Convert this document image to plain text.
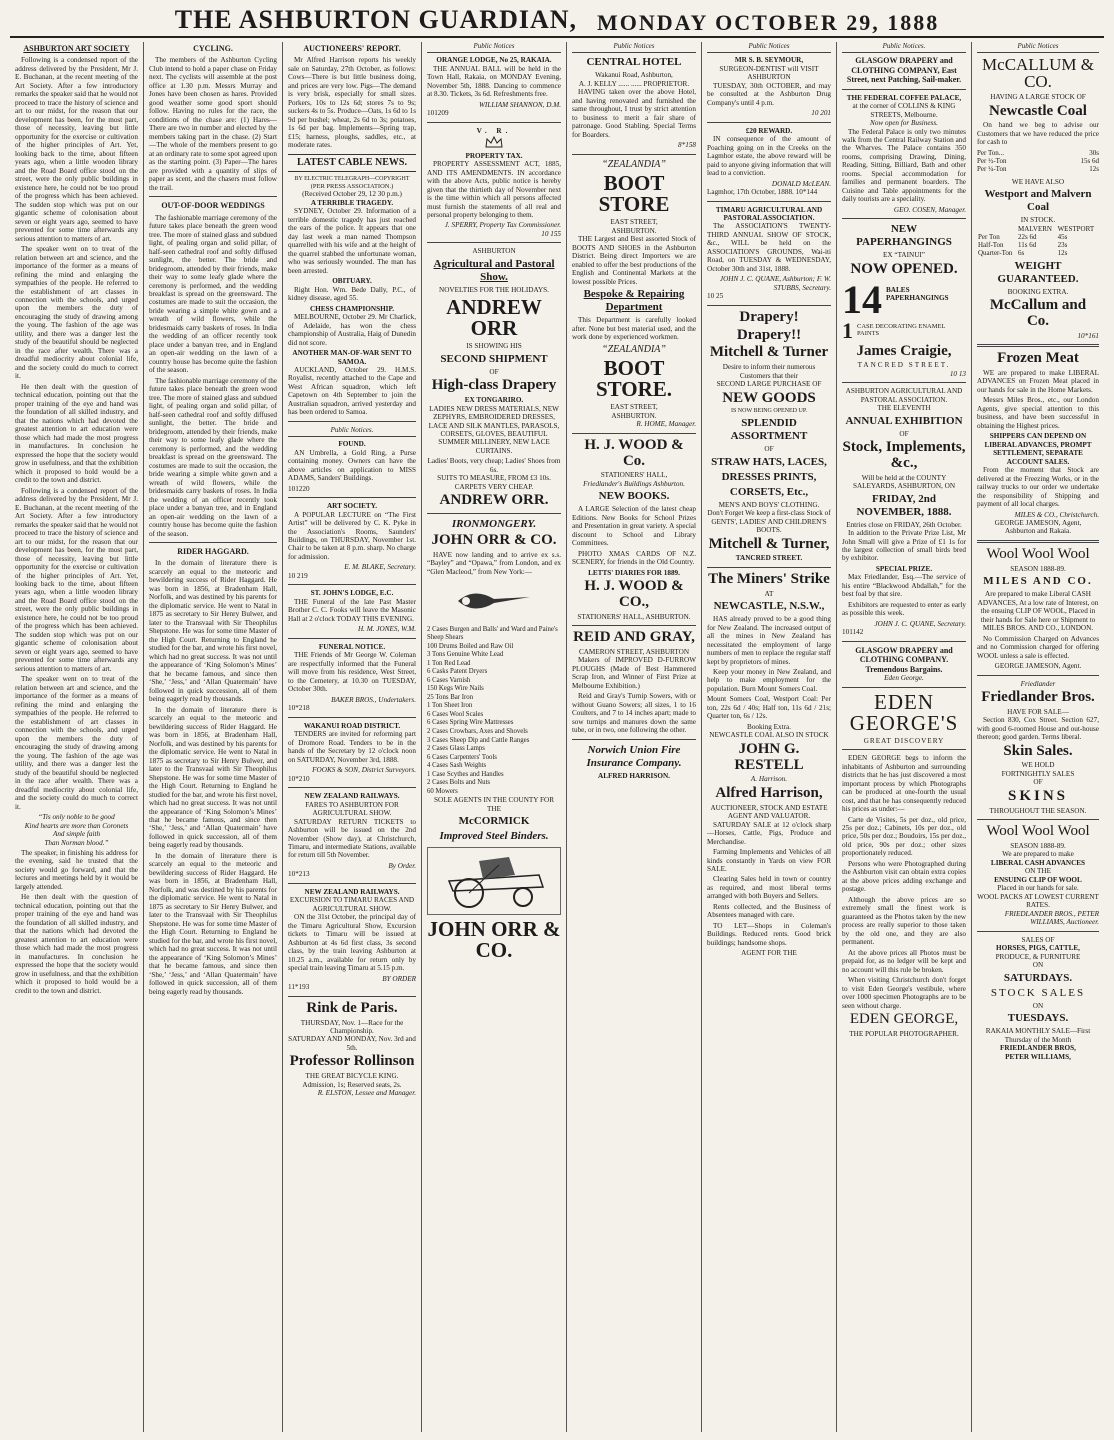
THE ASHBURTON GUARDIAN, MONDAY OCTOBER 29, 1888
ASHBURTON ART SOCIETY

Following is a condensed report of the address delivered by the President, Mr J. E. Buchanan, at the recent meeting of the Art Society. After a few introductory remarks the speaker said that he would not proceed to trace the history of science and art to our midst, for the reason that our development has been, for the most part, those of necessity, leaving but little opportunity for the exercise or cultivation of the higher principles of Art. Yet, looking back to the time, about fifteen years ago, when a little wooden library and the Road Board office stood on the street, were the only public buildings in existence here, he could not be too proud of the progress which has been achieved. The sudden stop which was put on our gigantic scheme of colonisation about seven or eight years ago, seemed to have prevented for some time afterwards any serious attention to matters of art.

The speaker went on to treat of the relation between art and science, and the importance of the former as a means of refining the mind and enlarging the sympathies of the people. He referred to the establishment of art classes in connection with the schools, and urged upon the members the duty of encouraging the study of drawing among the young. The fashion of the age was utility, and there was a danger lest the study of the beautiful should be neglected in the race after wealth. There was a dreadful mediocrity about colonial life, and the society could do much to correct it.

He then dealt with the question of technical education, pointing out that the proper training of the eye and hand was the foundation of all skilled industry, and that the nations which had devoted the greatest attention to art education were those which had made the most progress in manufactures. In conclusion he expressed the hope that the society would grow in usefulness, and that the exhibition which it proposed to hold would be a credit to the town and district.

Following is a condensed report of the address delivered by the President, Mr J. E. Buchanan, at the recent meeting of the Art Society. After a few introductory remarks the speaker said that he would not proceed to trace the history of science and art to our midst, for the reason that our development has been, for the most part, those of necessity, leaving but little opportunity for the exercise or cultivation of the higher principles of Art. Yet, looking back to the time, about fifteen years ago, when a little wooden library and the Road Board office stood on the street, were the only public buildings in existence here, he could not be too proud of the progress which has been achieved. The sudden stop which was put on our gigantic scheme of colonisation about seven or eight years ago, seemed to have prevented for some time afterwards any serious attention to matters of art.

The speaker went on to treat of the relation between art and science, and the importance of the former as a means of refining the mind and enlarging the sympathies of the people. He referred to the establishment of art classes in connection with the schools, and urged upon the members the duty of encouraging the study of drawing among the young. The fashion of the age was utility, and there was a danger lest the study of the beautiful should be neglected in the race after wealth. There was a dreadful mediocrity about colonial life, and the society could do much to correct it.

“Tis only noble to be good
Kind hearts are more than Coronets
And simple faith
Than Norman blood.”

The speaker, in finishing his address for the evening, said he trusted that the society would go forward, and that the lectures and meetings held by it would be largely attended.

He then dealt with the question of technical education, pointing out that the proper training of the eye and hand was the foundation of all skilled industry, and that the nations which had devoted the greatest attention to art education were those which had made the most progress in manufactures. In conclusion he expressed the hope that the society would grow in usefulness, and that the exhibition which it proposed to hold would be a credit to the town and district.

CYCLING.

The members of the Ashburton Cycling Club intend to hold a paper chase on Friday next. The cyclists will assemble at the post office at 1.30 p.m. Messrs Murray and Jones have been chosen as hares. Provided good weather some good sport should follow. Having no rules for the race, the conditions of the chase are: (1) Hares—There are two in number and elected by the members taking part in the chase. (2) Start—The whole of the members present to go at an ordinary rate to some spot agreed upon as the starting point. (3) Paper—The hares are provided with a quantity of slips of paper as scent, and the chasers must follow the trail.

OUT-OF-DOOR WEDDINGS

The fashionable marriage ceremony of the future takes place beneath the green wood tree. The more of stained glass and subdued light, of pealing organ and solid pillar, of half-seen cathedral roof and softly diffused sunlight, the better. The bride and bridegroom, attended by their friends, make their way to some leafy glade where the ceremony is performed, and the wedding breakfast is spread on the greensward. The costumes are made to suit the occasion, the bride wearing a simple white gown and a wreath of wild flowers, while the bridesmaids carry baskets of roses. In India the wedding of an officer recently took place under a banyan tree, and in England an open-air wedding on the lawn of a country house has become quite the fashion of the season.

The fashionable marriage ceremony of the future takes place beneath the green wood tree. The more of stained glass and subdued light, of pealing organ and solid pillar, of half-seen cathedral roof and softly diffused sunlight, the better. The bride and bridegroom, attended by their friends, make their way to some leafy glade where the ceremony is performed, and the wedding breakfast is spread on the greensward. The costumes are made to suit the occasion, the bride wearing a simple white gown and a wreath of wild flowers, while the bridesmaids carry baskets of roses. In India the wedding of an officer recently took place under a banyan tree, and in England an open-air wedding on the lawn of a country house has become quite the fashion of the season.

RIDER HAGGARD.

In the domain of literature there is scarcely an equal to the meteoric and bewildering success of Rider Haggard. He was born in 1856, at Bradenham Hall, Norfolk, and was destined by his parents for the diplomatic service. He went to Natal in 1875 as secretary to Sir Henry Bulwer, and later to the Transvaal with Sir Theophilus Shepstone. He was for some time Master of the High Court. Returning to England he studied for the bar, and wrote his first novel, which had no great success. It was not until the appearance of ‘King Solomon’s Mines’ that he became famous, and since then ‘She,’ ‘Jess,’ and ‘Allan Quatermain’ have followed in quick succession, all of them being eagerly read by thousands.

In the domain of literature there is scarcely an equal to the meteoric and bewildering success of Rider Haggard. He was born in 1856, at Bradenham Hall, Norfolk, and was destined by his parents for the diplomatic service. He went to Natal in 1875 as secretary to Sir Henry Bulwer, and later to the Transvaal with Sir Theophilus Shepstone. He was for some time Master of the High Court. Returning to England he studied for the bar, and wrote his first novel, which had no great success. It was not until the appearance of ‘King Solomon’s Mines’ that he became famous, and since then ‘She,’ ‘Jess,’ and ‘Allan Quatermain’ have followed in quick succession, all of them being eagerly read by thousands.

In the domain of literature there is scarcely an equal to the meteoric and bewildering success of Rider Haggard. He was born in 1856, at Bradenham Hall, Norfolk, and was destined by his parents for the diplomatic service. He went to Natal in 1875 as secretary to Sir Henry Bulwer, and later to the Transvaal with Sir Theophilus Shepstone. He was for some time Master of the High Court. Returning to England he studied for the bar, and wrote his first novel, which had no great success. It was not until the appearance of ‘King Solomon’s Mines’ that he became famous, and since then ‘She,’ ‘Jess,’ and ‘Allan Quatermain’ have followed in quick succession, all of them being eagerly read by thousands.

AUCTIONEERS' REPORT.

Mr Alfred Harrison reports his weekly sale on Saturday, 27th October, as follows: Cows—There is but little business doing, and prices are very low. Pigs—The demand is very brisk, especially for small sizes. Porkers, 10s to 12s 6d; stores 7s to 9s; suckers 4s to 5s. Produce—Oats, 1s 6d to 1s 9d per bushel; wheat, 2s 6d to 3s; potatoes, 1s 6d per bag. Implements—Spring trap, £15; harness, ploughs, saddles, etc., at moderate rates.

LATEST CABLE NEWS.
BY ELECTRIC TELEGRAPH—COPYRIGHT
(PER PRESS ASSOCIATION.)
(Received October 29, 12 30 p.m.)
A TERRIBLE TRAGEDY.

SYDNEY, October 29. Information of a terrible domestic tragedy has just reached the ears of the police. It appears that one day last week a man named Thompson quarrelled with his wife and at the height of the quarrel stabbed the unfortunate woman, who was seriously wounded. The man has been arrested.

OBITUARY.

Right Hon. Wm. Bede Dally, P.C., of kidney disease, aged 55.

CHESS CHAMPIONSHIP.

MELBOURNE, October 29. Mr Charlick, of Adelaide, has won the chess championship of Australia, Haig of Dunedin did not score.

ANOTHER MAN-OF-WAR SENT TO SAMOA.

AUCKLAND, October 29. H.M.S. Royalist, recently attached to the Cape and West African squadron, which left Capetown on 4th September to join the Australian squadron, arrived yesterday and has been ordered to Samoa.

Public Notices.
FOUND.

AN Umbrella, a Gold Ring, a Purse containing money. Owners can have the above articles on application to MISS ADAMS, Sanders' Buildings.

101220
ART SOCIETY.

A POPULAR LECTURE on “The First Artist” will be delivered by C. K. Pyke in the Association's Rooms, Saunders' Buildings, on THURSDAY, November 1st. Chair to be taken at 8 p.m. sharp. No charge for admission.

E. M. BLAKE, Secretary.
10 219
ST. JOHN'S LODGE, E.C.

THE Funeral of the late Past Master Brother C. C. Fooks will leave the Masonic Hall at 2 o'clock TODAY THIS EVENING.

H. M. JONES, W.M.
FUNERAL NOTICE.

THE Friends of Mr George W. Coleman are respectfully informed that the Funeral will move from his residence, West Street, to the Cemetery, at 10.30 on TUESDAY, October 30th.

BAKER BROS., Undertakers.
10*218
WAKANUI ROAD DISTRICT.

TENDERS are invited for reforming part of Dromore Road. Tenders to be in the hands of the Secretary by 12 o'clock noon on SATURDAY, November 3rd, 1888.

FOOKS & SON, District Surveyors.
10*210
NEW ZEALAND RAILWAYS.
FARES TO ASHBURTON FOR AGRICULTURAL SHOW.

SATURDAY RETURN TICKETS to Ashburton will be issued on the 2nd November (Show day), at Christchurch, Timaru, and intermediate Stations, available for return till 5th November.

By Order.
10*213
NEW ZEALAND RAILWAYS.
EXCURSION TO TIMARU RACES AND AGRICULTURAL SHOW.

ON the 31st October, the principal day of the Timaru Agricultural Show, Excursion tickets to Timaru will be issued at Ashburton at 4s 6d first class, 3s second class, by the train leaving Ashburton at 10.25 a.m., available for return only by special train leaving Timaru at 5.15 p.m.

BY ORDER
11*193
Rink de Paris.
THURSDAY, Nov. 1—Race for the Championship.
SATURDAY AND MONDAY, Nov. 3rd and 5th.
Professor Rollinson
THE GREAT BICYCLE KING.
Admission, 1s; Reserved seats, 2s.
R. ELSTON, Lessee and Manager.
Public Notices
ORANGE LODGE, No 25, RAKAIA.

THE ANNUAL BALL will be held in the Town Hall, Rakaia, on MONDAY Evening, November 5th, 1888. Dancing to commence at 8.30. Tickets, 3s 6d. Refreshments free.

WILLIAM SHANNON, D.M.
101209
V. R.
PROPERTY TAX.

PROPERTY ASSESSMENT ACT, 1885, AND ITS AMENDMENTS. IN accordance with the above Acts, public notice is hereby given that the thirtieth day of November next is the time within which all persons affected must furnish the statements of all real and personal property belonging to them.

J. SPERRY, Property Tax Commissioner.
10 155
ASHBURTON
Agricultural and Pastoral Show.
NOVELTIES FOR THE HOLIDAYS.
ANDREW ORR
IS SHOWING HIS
SECOND SHIPMENT
OF
High-class Drapery
EX TONGARIRO.

LADIES NEW DRESS MATERIALS, NEW ZEPHYRS, EMBROIDERED DRESSES, LACE AND SILK MANTLES, PARASOLS, CORSETS, GLOVES, BEAUTIFUL SUMMER MILLINERY, NEW LACE CURTAINS.

Ladies' Boots, very cheap; Ladies' Shoes from 6s.
SUITS TO MEASURE, FROM £3 10s.
CARPETS VERY CHEAP.
ANDREW ORR.
IRONMONGERY.
JOHN ORR & CO.

HAVE now landing and to arrive ex s.s. “Bayley” and “Opawa,” from London, and ex “Glen Macleod,” from New York:—

2 Cases Burgen and Balls' and Ward and Paine's Sheep Shears
100 Drums Boiled and Raw Oil
3 Tons Genuine White Lead
1 Ton Red Lead
6 Casks Patent Dryers
6 Cases Varnish
150 Kegs Wire Nails
25 Tons Bar Iron
1 Ton Sheet Iron
6 Cases Wool Scales
6 Cases Spring Wire Mattresses
2 Cases Crowbars, Axes and Shovels
3 Cases Sheep Dip and Cattle Ranges
2 Cases Glass Lamps
6 Cases Carpenters' Tools
4 Cases Sash Weights
1 Case Scythes and Handles
2 Cases Bolts and Nuts
60 Mowers
SOLE AGENTS IN THE COUNTY FOR THE
McCORMICK
Improved Steel Binders.
JOHN ORR & CO.
Public Notices
CENTRAL HOTEL
Wakanui Road, Ashburton,
A. J. KELLY ...... ...... PROPRIETOR.

HAVING taken over the above Hotel, and having renovated and furnished the same throughout, I trust by strict attention to business to merit a fair share of patronage. Good Stabling. Special Terms for Boarders.

8*158
“ZEALANDIA”
BOOT STORE
EAST STREET,
ASHBURTON.

THE Largest and Best assorted Stock of BOOTS AND SHOES in the Ashburton District. Being direct Importers we are enabled to offer the best productions of the English and Continental Markets at the lowest possible Prices.

Bespoke & Repairing Department

This Department is carefully looked after. None but best material used, and the work done by experienced workmen.

“ZEALANDIA”
BOOT STORE.
EAST STREET,
ASHBURTON.
R. HOME, Manager.
H. J. WOOD & Co.
STATIONERS' HALL,
Friedlander's Buildings Ashburton.
NEW BOOKS.

A LARGE Selection of the latest cheap Editions. New Books for School Prizes and Presentation in great variety. A special discount to School and Library Committees.

PHOTO XMAS CARDS OF N.Z. SCENERY, for friends in the Old Country.

LETTS' DIARIES FOR 1889.
H. J. WOOD & CO.,
STATIONERS' HALL, ASHBURTON.
REID AND GRAY,
CAMERON STREET, ASHBURTON

Makers of IMPROVED D-FURROW PLOUGHS (Made of Best Hammered Scrap Iron, and Winner of First Prize at Melbourne Exhibition.)

Reid and Gray's Turnip Sowers, with or without Guano Sowers; all sizes, 1 to 16 Coulters, and 7 to 14 inches apart; made to sow turnips and manures down the same tube, or in two, one following the other.

Norwich Union Fire Insurance Company.
ALFRED HARRISON.
Public Notices
MR S. B. SEYMOUR,
SURGEON-DENTIST will VISIT
ASHBURTON

TUESDAY, 30th OCTOBER, and may be consulted at the Ashburton Drug Company's until 4 p.m.

10 201
£20 REWARD.

IN consequence of the amount of Poaching going on in the Creeks on the Lagmhor estate, the above reward will be paid to anyone giving information that will lead to a conviction.

DONALD McLEAN.
Lagmhor, 17th October, 1888. 10*144
TIMARU AGRICULTURAL AND PASTORAL ASSOCIATION.

The ASSOCIATION'S TWENTY-THIRD ANNUAL SHOW OF STOCK, &c., WILL be held on the ASSOCIATION'S GROUNDS, Wai-iti Road, on TUESDAY & WEDNESDAY, October 30th and 31st, 1888.

JOHN J. C. QUANE, Ashburton; F. W. STUBBS, Secretary.
10 25
Drapery!
Drapery!!
Mitchell & Turner
Desire to inform their numerous Customers that their
SECOND LARGE PURCHASE OF
NEW GOODS
IS NOW BEING OPENED UP.
SPLENDID ASSORTMENT
OF
STRAW HATS, LACES,
DRESSES PRINTS,
CORSETS, Etc.,
MEN'S AND BOYS' CLOTHING.

Don't Forget We keep a first-class Stock of GENTS', LADIES' AND CHILDREN'S BOOTS.

Mitchell & Turner,
TANCRED STREET.
The Miners' Strike
AT
NEWCASTLE, N.S.W.,

HAS already proved to be a good thing for New Zealand. The increased output of all the mines in New Zealand has necessitated the employment of large numbers of men to replace the regular staff kept by proprietors of mines.

Keep your money in New Zealand, and help to make employment for the population. Burn Mount Somers Coal.

Mount Somers Coal, Westport Coal: Per ton, 22s 6d / 40s; Half ton, 11s 6d / 21s; Quarter ton, 6s / 12s.

Booking Extra.
NEWCASTLE COAL ALSO IN STOCK
JOHN G. RESTELL
A. Harrison.
Alfred Harrison,
AUCTIONEER, STOCK AND ESTATE AGENT AND VALUATOR.

SATURDAY SALE at 12 o'clock sharp—Horses, Cattle, Pigs, Produce and Merchandise.

Farming Implements and Vehicles of all kinds constantly in Yards on view FOR SALE.

Clearing Sales held in town or country as required, and most liberal terms arranged with both Buyers and Sellers.

Rents collected, and the Business of Absentees managed with care.

TO LET—Shops in Coleman's Buildings. Reduced rents. Good brick buildings; handsome shops.

AGENT FOR THE
Public Notices.
GLASGOW DRAPERY and CLOTHING COMPANY, East Street, next Patching, Sail-maker.
THE FEDERAL COFFEE PALACE,
at the corner of COLLINS & KING STREETS, Melbourne.
Now open for Business.

The Federal Palace is only two minutes walk from the Central Railway Station and the Wharves. The Palace contains 350 rooms, comprising Drawing, Dining, Reading, Sitting, Billiard, Bath and other rooms. Special accommodation for families and permanent boarders. The Cuisine and Table appointments for the daily tourists are a speciality.

GEO. COSEN, Manager.
NEW PAPERHANGINGS
EX “TAINUI”
NOW OPENED.
14 BALES PAPERHANGINGS
1 CASE DECORATING ENAMEL PAINTS
James Craigie,
TANCRED STREET.
10 13
ASHBURTON AGRICULTURAL AND PASTORAL ASSOCIATION.
THE ELEVENTH
ANNUAL EXHIBITION
OF
Stock, Implements, &c.,
Will be held at the COUNTY SALEYARDS, ASHBURTON, ON
FRIDAY, 2nd NOVEMBER, 1888.
Entries close on FRIDAY, 26th October.

In addition to the Private Prize List, Mr John Small will give a Prize of £1 1s for the largest collection of small birds bred by exhibitor.

SPECIAL PRIZE.

Max Friedlander, Esq.—The service of his entire “Blackwood Abdallah,” for the best foal by that sire.

Exhibitors are requested to enter as early as possible this week.

JOHN J. C. QUANE, Secretary.
101142
GLASGOW DRAPERY and CLOTHING COMPANY. Tremendous Bargains.
Eden George.
EDEN GEORGE'S
GREAT DISCOVERY

EDEN GEORGE begs to inform the inhabitants of Ashburton and surrounding districts that he has just discovered a most important process by which Photographs can be produced at one-fourth the usual cost, and that he has consequently reduced his prices as under:—

Carte de Visites, 5s per doz., old price, 25s per doz.; Cabinets, 10s per doz., old price, 50s per doz.; Boudoirs, 15s per doz., old price, 90s per doz.; other sizes proportionately reduced.

Persons who were Photographed during the Ashburton visit can obtain extra copies at the above prices adding exchange and postage.

Although the above prices are so extremely small the finest work is guaranteed as the Photos taken by the new process are really superior to those taken by the old one, and they are also permanent.

At the above prices all Photos must be prepaid for, as no ledger will be kept and no account will this rule be broken.

When visiting Christchurch don't forget to visit Eden George's vestibule, where over 1000 specimen Photographs are to be seen without charge.

EDEN GEORGE,
THE POPULAR PHOTOGRAPHER.
Public Notices
McCALLUM & CO.
HAVING A LARGE STOCK OF
Newcastle Coal

On hand we beg to advise our Customers that we have reduced the price for cash to

Per Ton...	30s
Per ½-Ton	15s 6d
Per ¼-Ton	12s
WE HAVE ALSO
Westport and Malvern Coal
IN STOCK.
	MALVERN	WESTPORT
Per Ton	22s 6d	45s
Half-Ton	11s 6d	23s
Quarter-Ton	6s	12s
WEIGHT GUARANTEED.
BOOKING EXTRA.
McCallum and Co.
10*161
Frozen Meat

WE are prepared to make LIBERAL ADVANCES on Frozen Meat placed in our hands for sale in the Home Markets.

Messrs Miles Bros., etc., our London Agents, give special attention to this business, and have been successful in obtaining the Highest prices.

SHIPPERS CAN DEPEND ON LIBERAL ADVANCES, PROMPT SETTLEMENT, SEPARATE ACCOUNT SALES.

From the moment that Stock are delivered at the Freezing Works, or in the railway trucks to our order we undertake the responsibility of Shipping and payment of all local charges.

MILES & CO., Christchurch.
GEORGE JAMESON, Agent,
Ashburton and Rakaia.
Wool Wool Wool
SEASON 1888-89.
MILES AND CO.

Are prepared to make Liberal CASH ADVANCES, At a low rate of Interest, on the ensuing CLIP OF WOOL, Placed in their hands for Sale here or Shipment to MILES BROS. AND CO., LONDON.

No Commission Charged on Advances and no Commission charged for offering WOOL unless a sale is effected.

GEORGE JAMESON, Agent.
Friedlander
Friedlander Bros.
HAVE FOR SALE—

Section 830, Cox Street. Section 627, with good 6-roomed House and out-house thereon; good garden. Terms liberal.

Skin Sales.
WE HOLD
FORTNIGHTLY SALES
OF
SKINS
THROUGHOUT THE SEASON.
Wool Wool Wool
SEASON 1888-89.
We are prepared to make
LIBERAL CASH ADVANCES
ON THE
ENSUING CLIP OF WOOL
Placed in our hands for sale.
WOOL PACKS AT LOWEST CURRENT RATES.
FRIEDLANDER BROS., PETER WILLIAMS, Auctioneer.
SALES OF
HORSES, PIGS, CATTLE,
PRODUCE, & FURNITURE
ON
SATURDAYS.
STOCK SALES
ON
TUESDAYS.
RAKAIA MONTHLY SALE—First Thursday of the Month
FRIEDLANDER BROS,
PETER WILLIAMS,
